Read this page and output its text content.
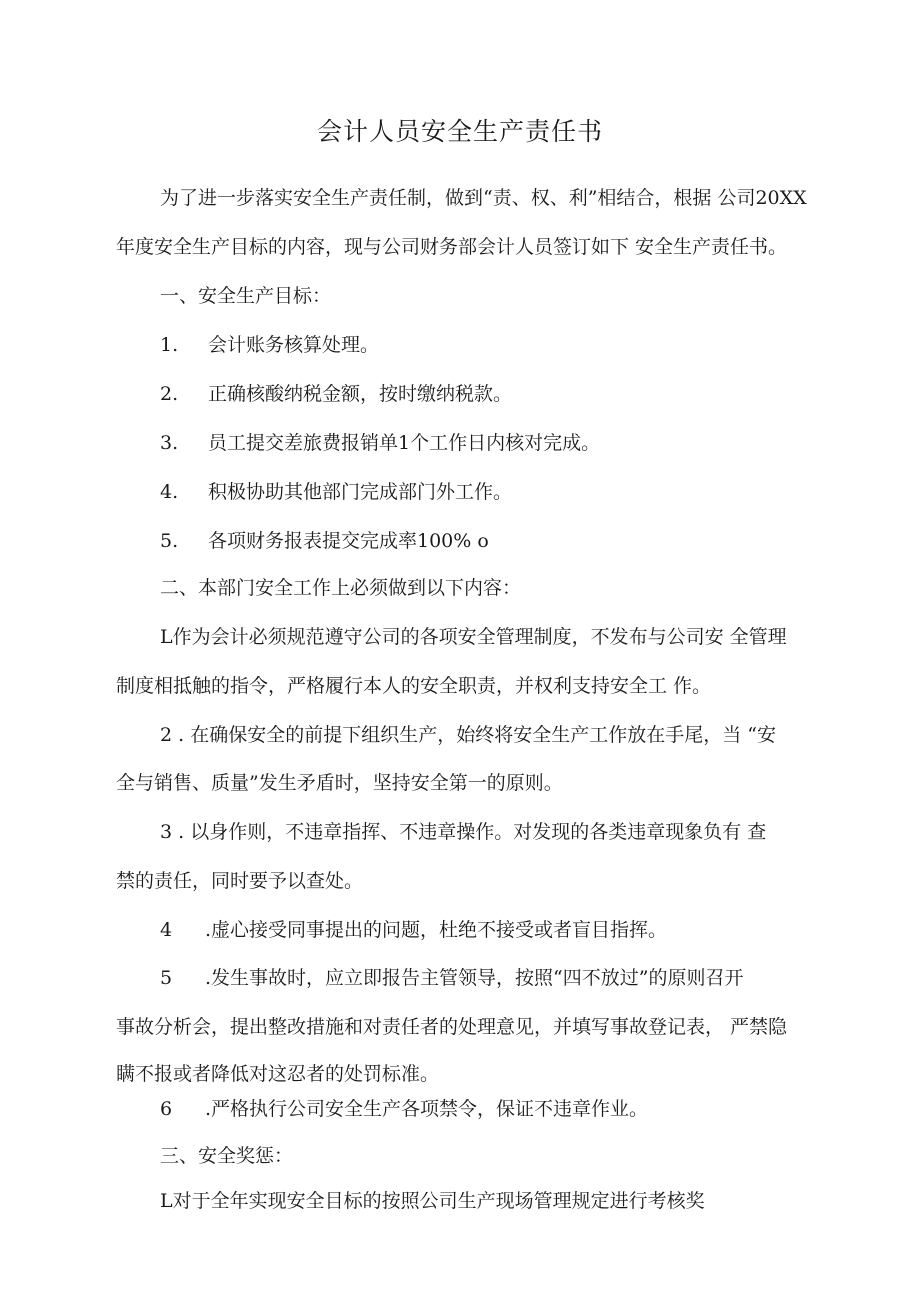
会计人员安全生产责任书
为了进一步落实安全生产责任制，做到“责、权、利”相结合，根据 公司20XX
年度安全生产目标的内容，现与公司财务部会计人员签订如下 安全生产责任书。
一、安全生产目标：
1. 会计账务核算处理。
2. 正确核酸纳税金额，按时缴纳税款。
3. 员工提交差旅费报销单1个工作日内核对完成。
4. 积极协助其他部门完成部门外工作。
5. 各项财务报表提交完成率100% o
二、本部门安全工作上必须做到以下内容：
L作为会计必须规范遵守公司的各项安全管理制度，不发布与公司安 全管理
制度相抵触的指令，严格履行本人的安全职责，并权利支持安全工 作。
2 . 在确保安全的前提下组织生产，始终将安全生产工作放在手尾，当 “安
全与销售、质量”发生矛盾时，坚持安全第一的原则。
3 . 以身作则，不违章指挥、不违章操作。对发现的各类违章现象负有 查
禁的责任，同时要予以查处。
4 .虚心接受同事提出的问题，杜绝不接受或者盲目指挥。
5 .发生事故时，应立即报告主管领导，按照“四不放过”的原则召开
事故分析会，提出整改措施和对责任者的处理意见，并填写事故登记表， 严禁隐
瞒不报或者降低对这忍者的处罚标准。
6 .严格执行公司安全生产各项禁令，保证不违章作业。
三、安全奖惩：
L对于全年实现安全目标的按照公司生产现场管理规定进行考核奖
